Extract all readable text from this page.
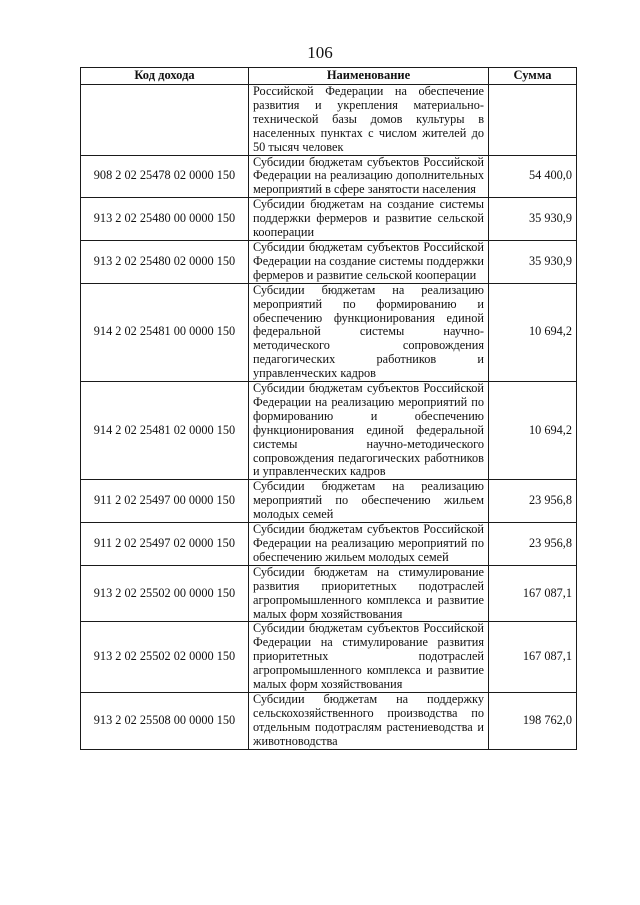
106
Код дохода	Наименование	Сумма
	Российской Федерации на обеспечение развития и укрепления материально-технической базы домов культуры в населенных пунктах с числом жителей до 50 тысяч человек	
908 2 02 25478 02 0000 150	Субсидии бюджетам субъектов Российской Федерации на реализацию дополнительных мероприятий в сфере занятости населения	54 400,0
913 2 02 25480 00 0000 150	Субсидии бюджетам на создание системы поддержки фермеров и развитие сельской кооперации	35 930,9
913 2 02 25480 02 0000 150	Субсидии бюджетам субъектов Российской Федерации на создание системы поддержки фермеров и развитие сельской кооперации	35 930,9
914 2 02 25481 00 0000 150	Субсидии бюджетам на реализацию мероприятий по формированию и обеспечению функционирования единой федеральной системы научно-методического сопровождения педагогических работников и управленческих кадров	10 694,2
914 2 02 25481 02 0000 150	Субсидии бюджетам субъектов Российской Федерации на реализацию мероприятий по формированию и обеспечению функционирования единой федеральной системы научно-методического сопровождения педагогических работников и управленческих кадров	10 694,2
911 2 02 25497 00 0000 150	Субсидии бюджетам на реализацию мероприятий по обеспечению жильем молодых семей	23 956,8
911 2 02 25497 02 0000 150	Субсидии бюджетам субъектов Российской Федерации на реализацию мероприятий по обеспечению жильем молодых семей	23 956,8
913 2 02 25502 00 0000 150	Субсидии бюджетам на стимулирование развития приоритетных подотраслей агропромышленного комплекса и развитие малых форм хозяйствования	167 087,1
913 2 02 25502 02 0000 150	Субсидии бюджетам субъектов Российской Федерации на стимулирование развития приоритетных подотраслей агропромышленного комплекса и развитие малых форм хозяйствования	167 087,1
913 2 02 25508 00 0000 150	Субсидии бюджетам на поддержку сельскохозяйственного производства по отдельным подотраслям растениеводства и животноводства	198 762,0
